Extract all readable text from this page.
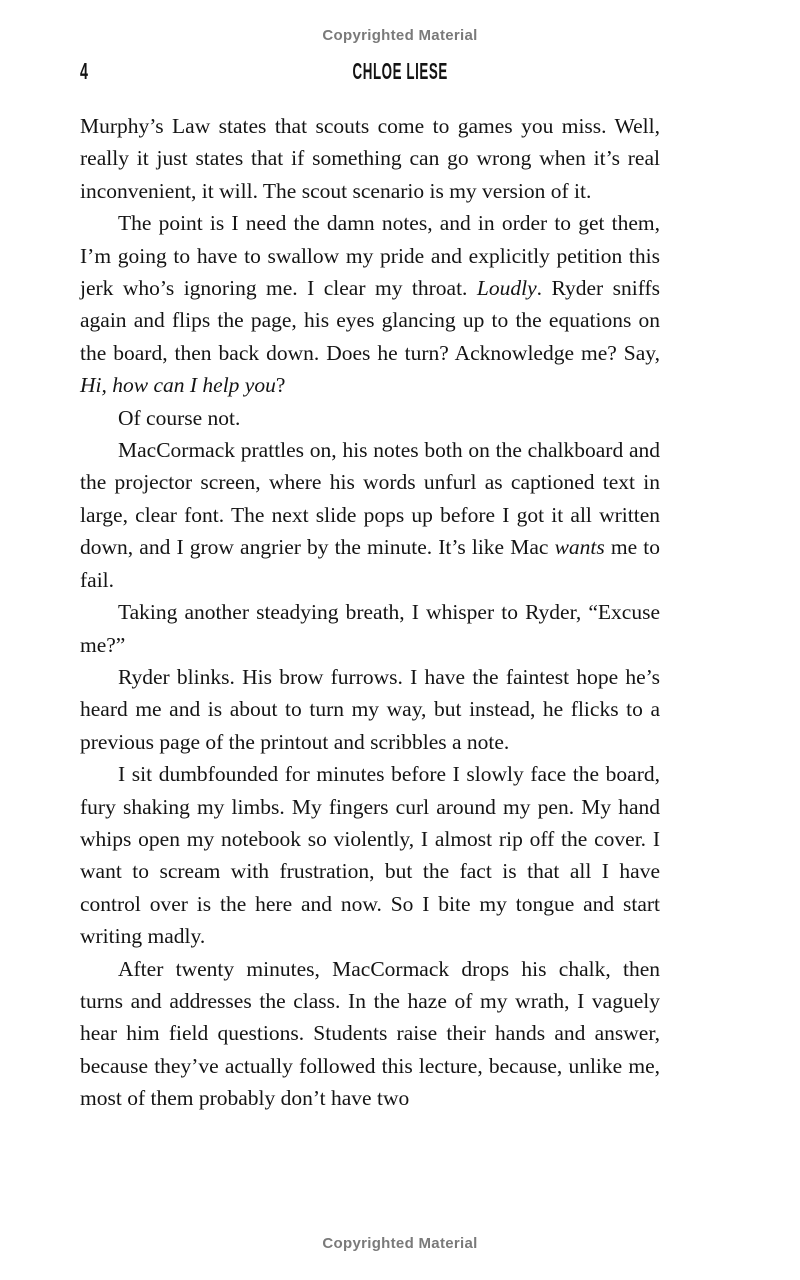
Copyrighted Material
4	CHLOE LIESE

Murphy’s Law states that scouts come to games you miss. Well, really it just states that if something can go wrong when it’s real inconvenient, it will. The scout scenario is my version of it.

The point is I need the damn notes, and in order to get them, I’m going to have to swallow my pride and explicitly petition this jerk who’s ignoring me. I clear my throat. Loudly. Ryder sniffs again and flips the page, his eyes glancing up to the equations on the board, then back down. Does he turn? Acknowledge me? Say, Hi, how can I help you?

Of course not.

MacCormack prattles on, his notes both on the chalkboard and the projector screen, where his words unfurl as captioned text in large, clear font. The next slide pops up before I got it all written down, and I grow angrier by the minute. It’s like Mac wants me to fail.

Taking another steadying breath, I whisper to Ryder, “Excuse me?”

Ryder blinks. His brow furrows. I have the faintest hope he’s heard me and is about to turn my way, but instead, he flicks to a previous page of the printout and scribbles a note.

I sit dumbfounded for minutes before I slowly face the board, fury shaking my limbs. My fingers curl around my pen. My hand whips open my notebook so violently, I almost rip off the cover. I want to scream with frustration, but the fact is that all I have control over is the here and now. So I bite my tongue and start writing madly.

After twenty minutes, MacCormack drops his chalk, then turns and addresses the class. In the haze of my wrath, I vaguely hear him field questions. Students raise their hands and answer, because they’ve actually followed this lecture, because, unlike me, most of them probably don’t have two

Copyrighted Material
